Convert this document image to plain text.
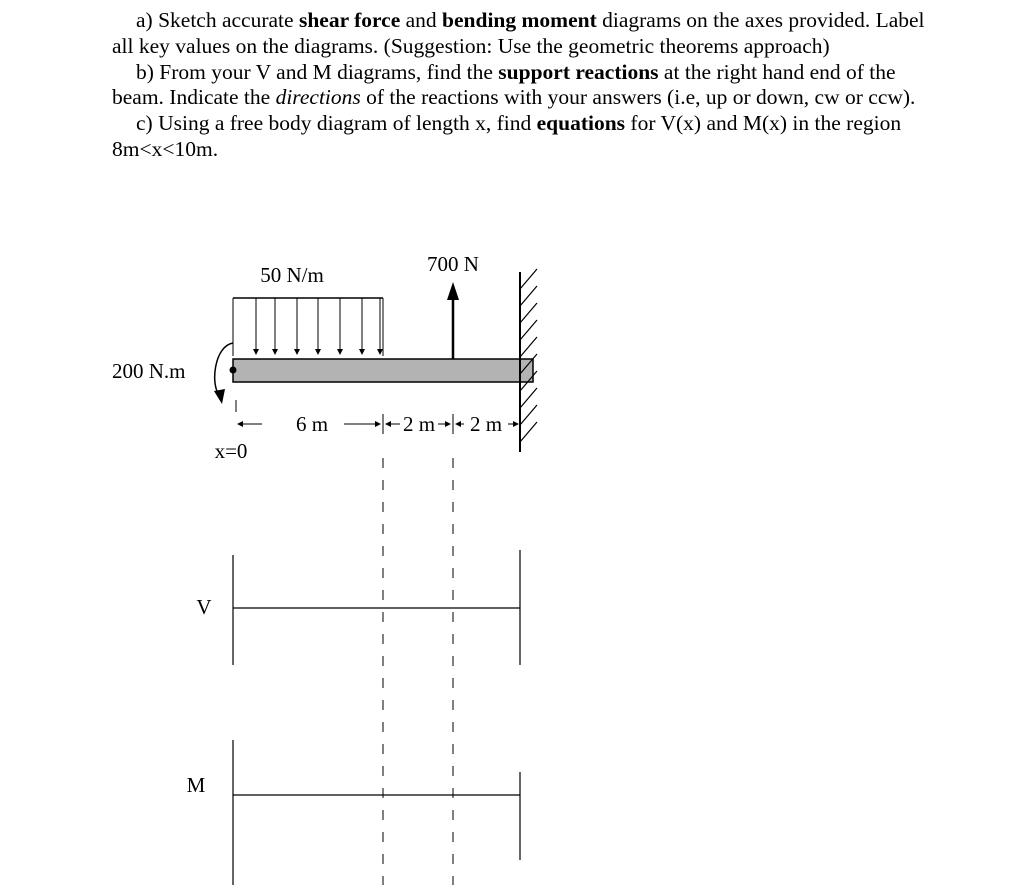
a) Sketch accurate shear force and bending moment diagrams on the axes provided. Label all key values on the diagrams. (Suggestion: Use the geometric theorems approach)

b) From your V and M diagrams, find the support reactions at the right hand end of the beam. Indicate the directions of the reactions with your answers (i.e, up or down, cw or ccw).

c) Using a free body diagram of length x, find equations for V(x) and M(x) in the region 8m<x<10m.

50 N/m	700 N
200 N.m
6 m	2 m 2 m
x=0
V
M
